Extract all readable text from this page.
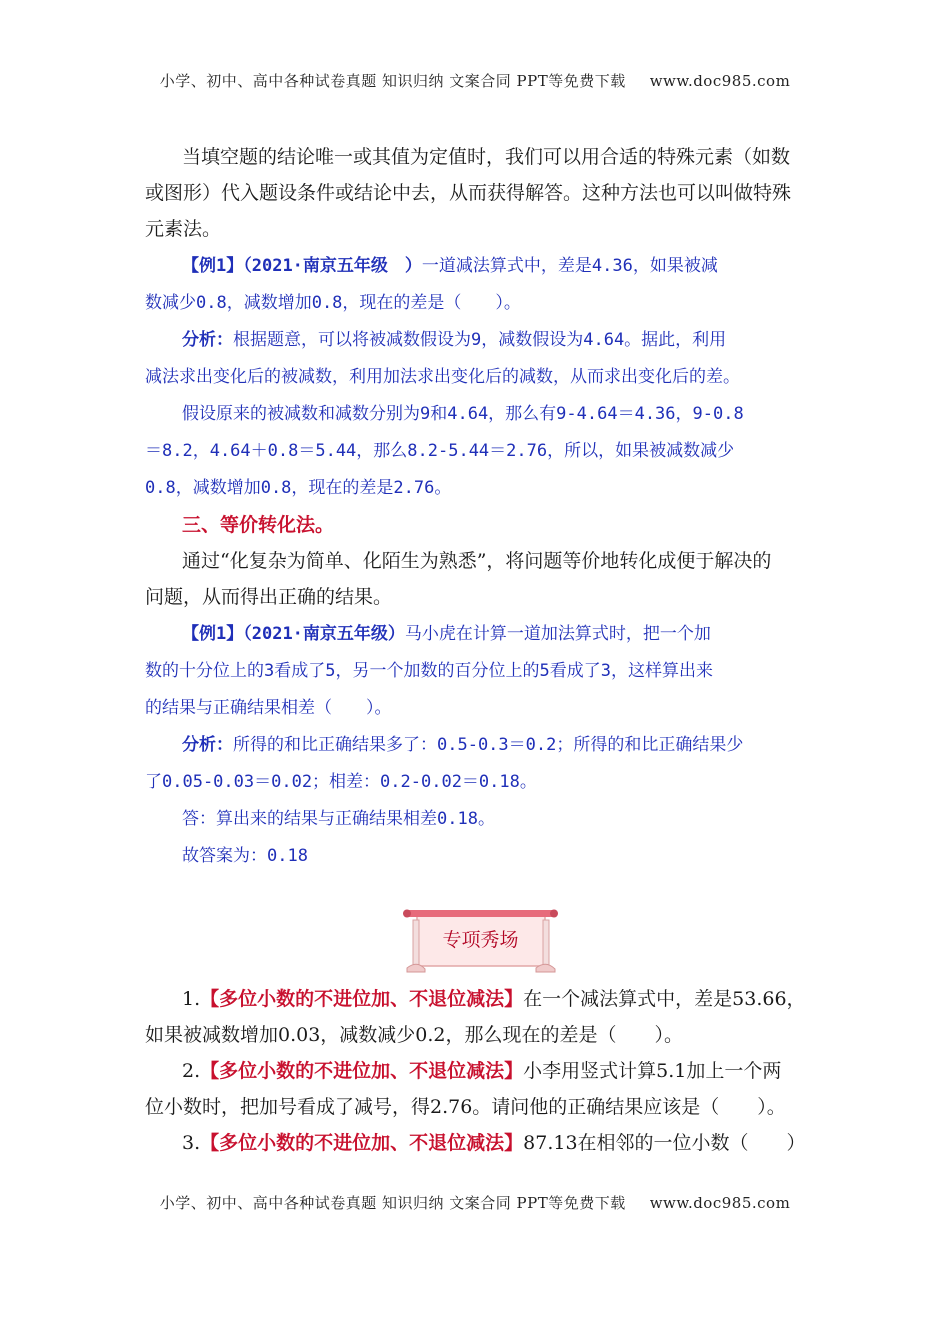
小学、初中、高中各种试卷真题 知识归纳 文案合同 PPT等免费下载 www.doc985.com
当填空题的结论唯一或其值为定值时，我们可以用合适的特殊元素（如数
或图形）代入题设条件或结论中去，从而获得解答。这种方法也可以叫做特殊
元素法。
【例1】（2021·南京五年级　）一道减法算式中，差是4.36，如果被减
数减少0.8，减数增加0.8，现在的差是（　　）。
分析：根据题意，可以将被减数假设为9，减数假设为4.64。据此，利用
减法求出变化后的被减数，利用加法求出变化后的减数，从而求出变化后的差。
假设原来的被减数和减数分别为9和4.64，那么有9-4.64＝4.36，9-0.8
＝8.2，4.64＋0.8＝5.44，那么8.2-5.44＝2.76，所以，如果被减数减少
0.8，减数增加0.8，现在的差是2.76。
三、等价转化法。
通过“化复杂为简单、化陌生为熟悉”，将问题等价地转化成便于解决的
问题，从而得出正确的结果。
【例1】（2021·南京五年级）马小虎在计算一道加法算式时，把一个加
数的十分位上的3看成了5，另一个加数的百分位上的5看成了3，这样算出来
的结果与正确结果相差（　　）。
分析：所得的和比正确结果多了：0.5-0.3＝0.2；所得的和比正确结果少
了0.05-0.03＝0.02；相差：0.2-0.02＝0.18。
答：算出来的结果与正确结果相差0.18。
故答案为：0.18
专项秀场
1.【多位小数的不进位加、不退位减法】在一个减法算式中，差是53.66，
如果被减数增加0.03，减数减少0.2，那么现在的差是（　　）。
2.【多位小数的不进位加、不退位减法】小李用竖式计算5.1加上一个两
位小数时，把加号看成了减号，得2.76。请问他的正确结果应该是（　　）。
3.【多位小数的不进位加、不退位减法】87.13在相邻的一位小数（　　）
小学、初中、高中各种试卷真题 知识归纳 文案合同 PPT等免费下载 www.doc985.com
